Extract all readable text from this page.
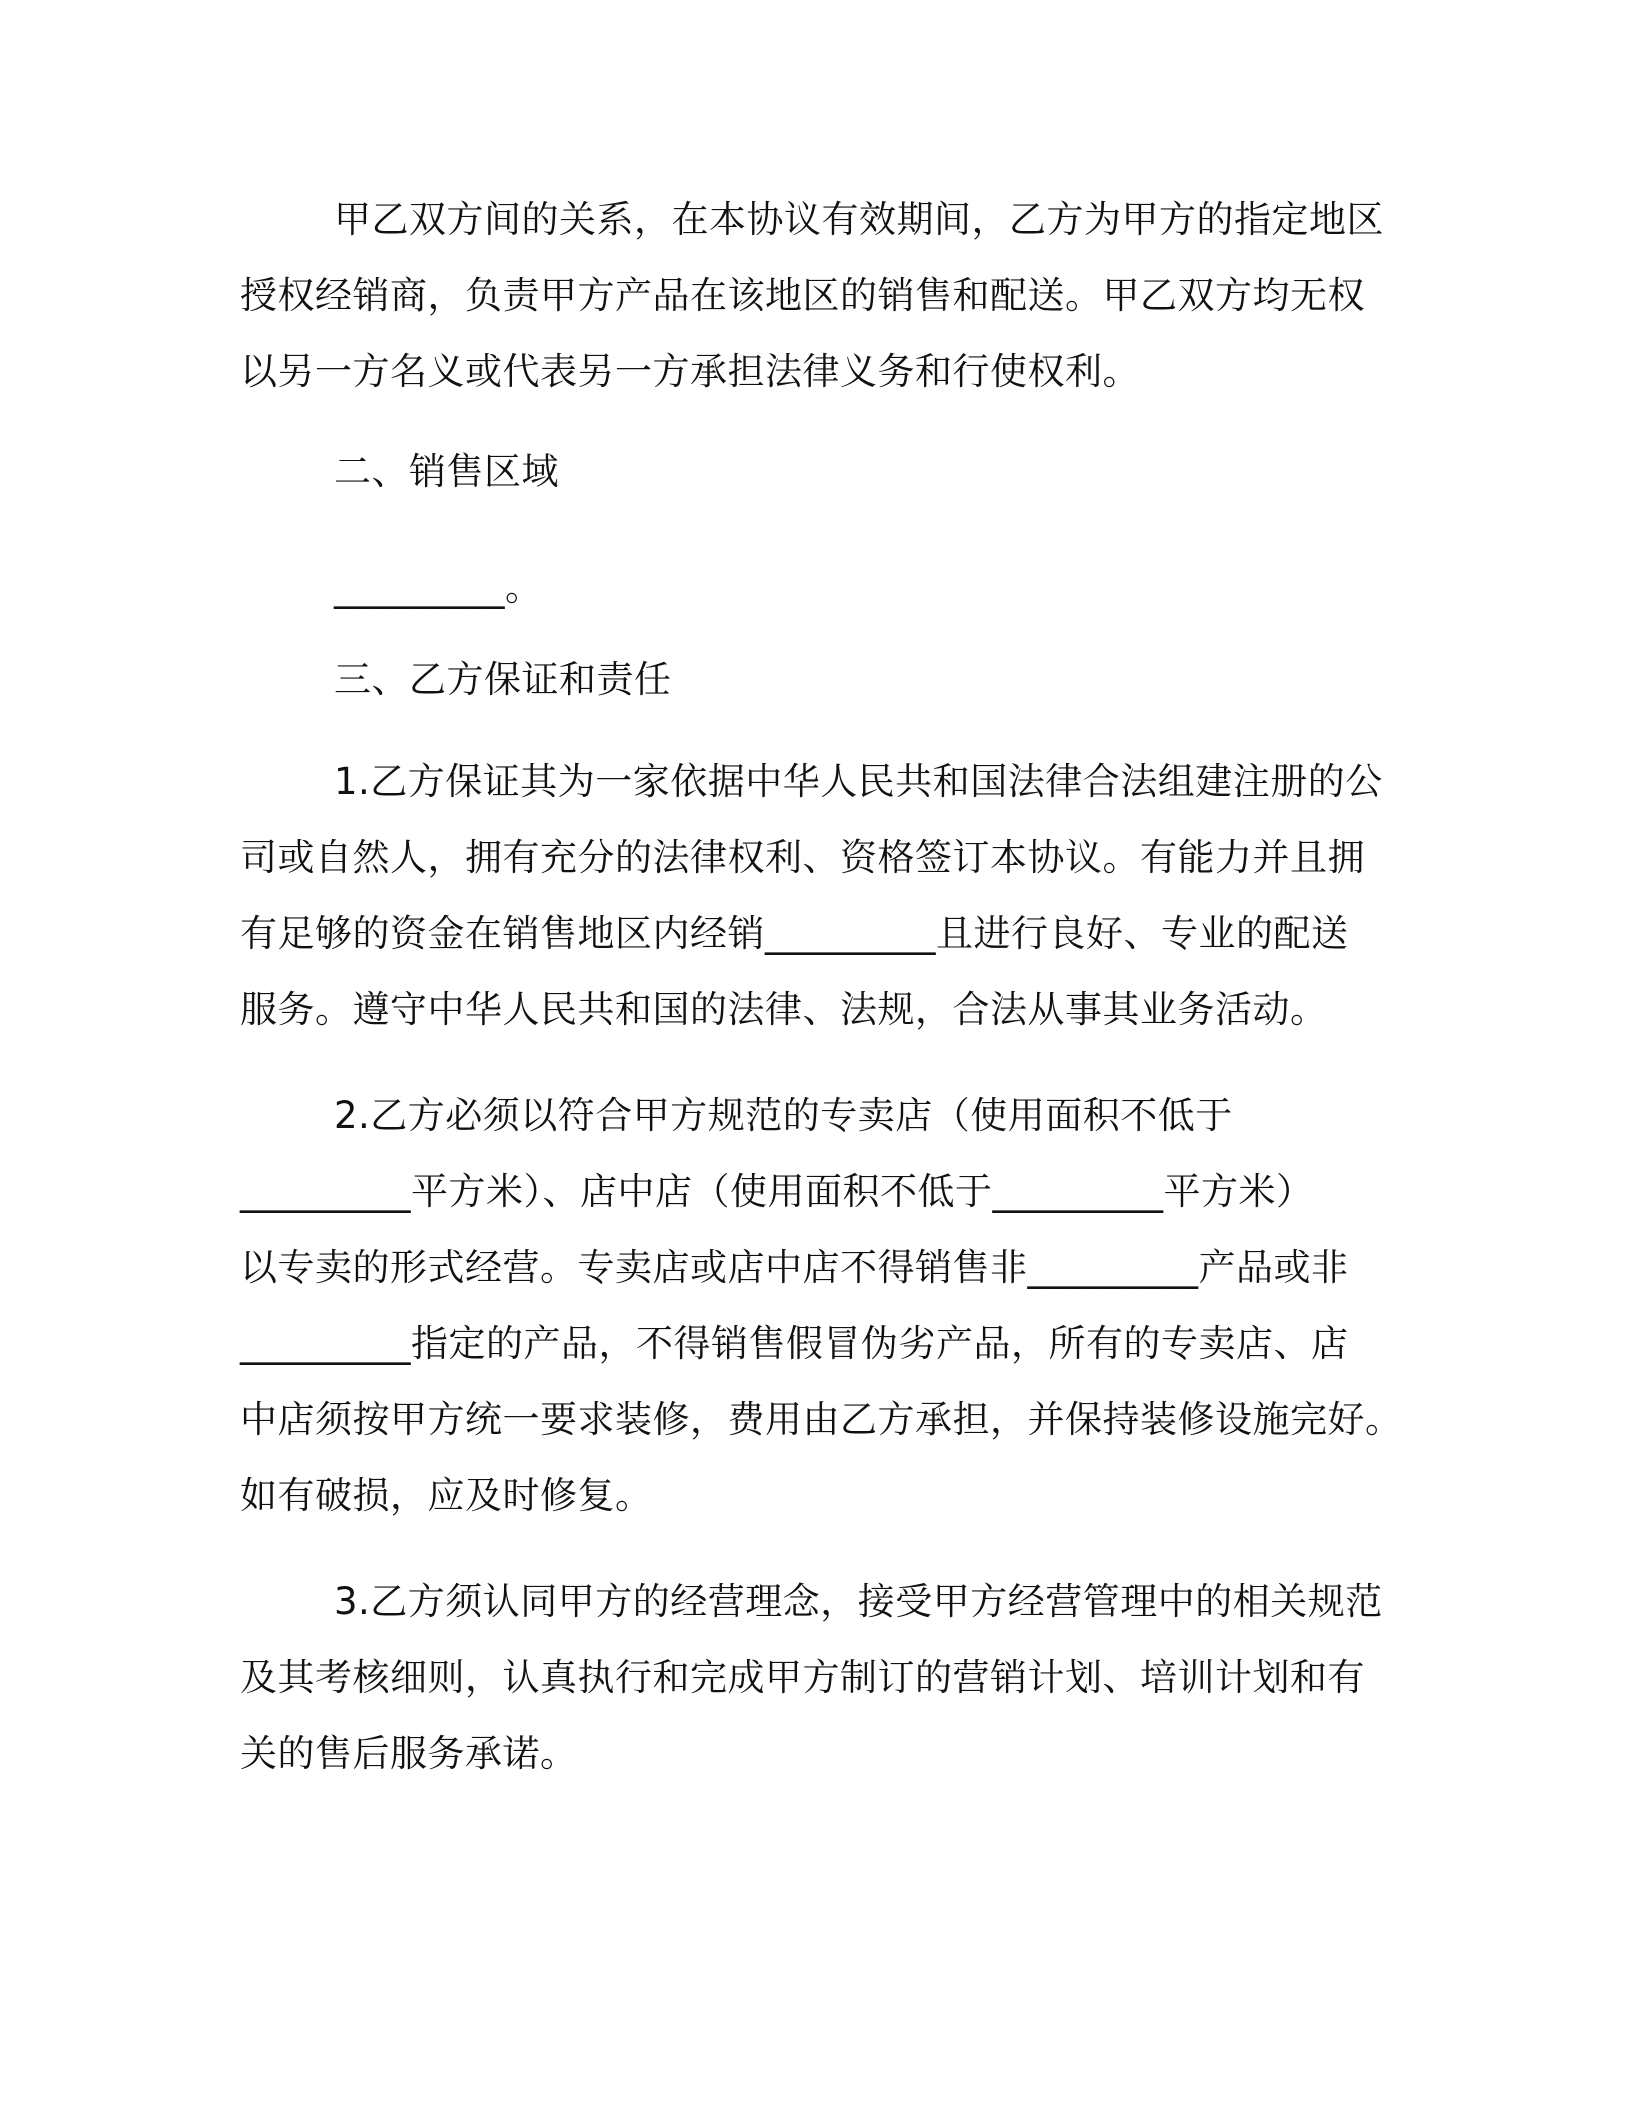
甲乙双方间的关系，在本协议有效期间，乙方为甲方的指定地区
授权经销商，负责甲方产品在该地区的销售和配送。甲乙双方均无权
以另一方名义或代表另一方承担法律义务和行使权利。
二、销售区域
_________。
三、乙方保证和责任
1.乙方保证其为一家依据中华人民共和国法律合法组建注册的公
司或自然人，拥有充分的法律权利、资格签订本协议。有能力并且拥
有足够的资金在销售地区内经销_________且进行良好、专业的配送
服务。遵守中华人民共和国的法律、法规，合法从事其业务活动。
2.乙方必须以符合甲方规范的专卖店（使用面积不低于
_________平方米）、店中店（使用面积不低于_________平方米）
以专卖的形式经营。专卖店或店中店不得销售非_________产品或非
_________指定的产品，不得销售假冒伪劣产品，所有的专卖店、店
中店须按甲方统一要求装修，费用由乙方承担，并保持装修设施完好。
如有破损，应及时修复。
3.乙方须认同甲方的经营理念，接受甲方经营管理中的相关规范
及其考核细则，认真执行和完成甲方制订的营销计划、培训计划和有
关的售后服务承诺。
